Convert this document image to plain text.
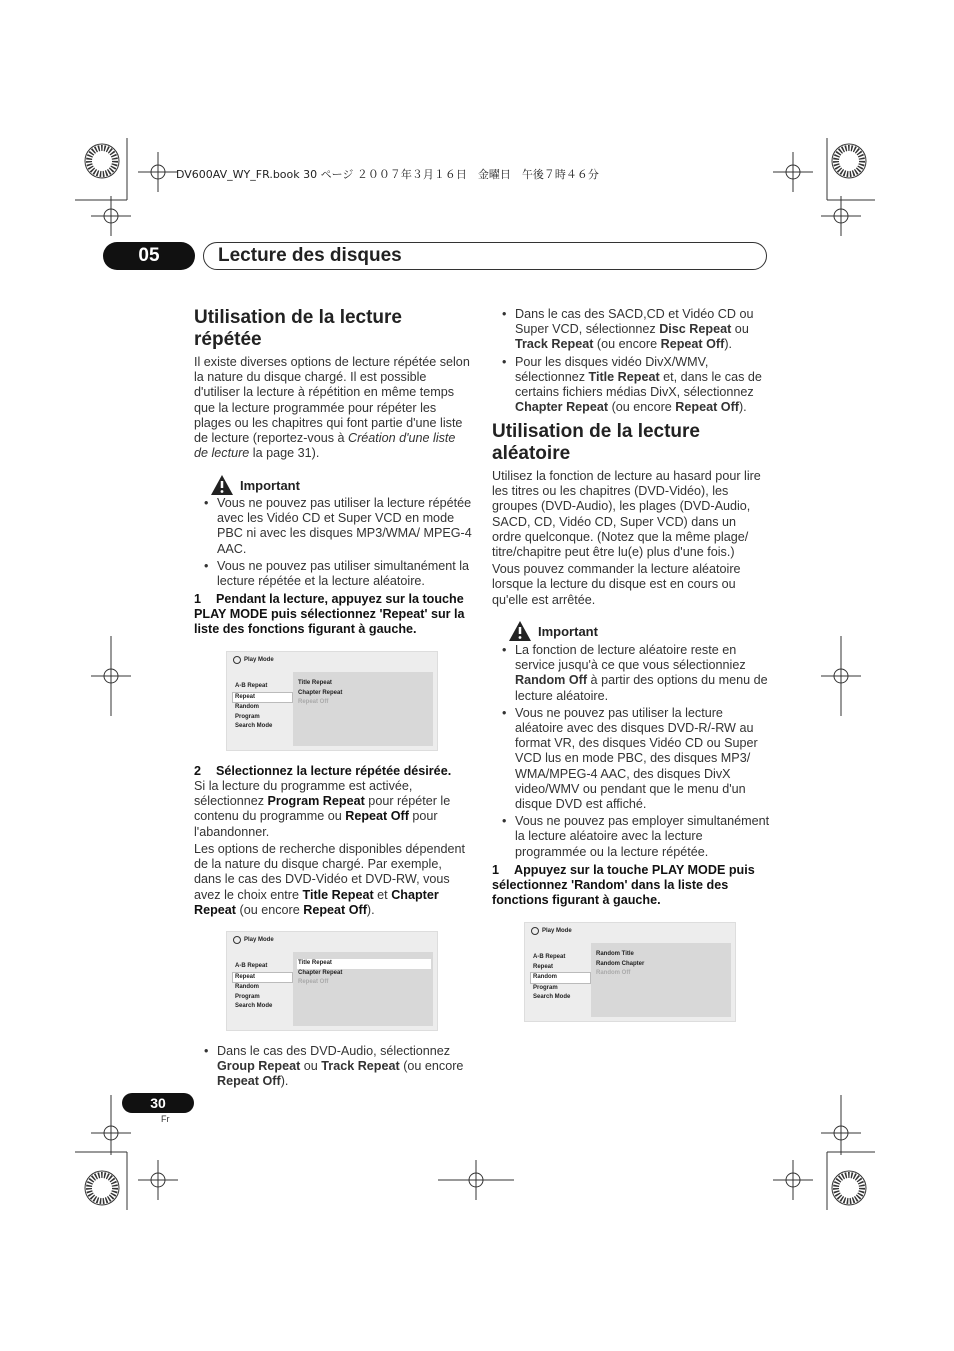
DV600AV_WY_FR.book 30 ページ ２００７年３月１６日　金曜日　午後７時４６分
05	Lecture des disques
Utilisation de la lecture répétée

Il existe diverses options de lecture répétée selon la nature du disque chargé. Il est possible d'utiliser la lecture à répétition en même temps que la lecture programmée pour répéter les plages ou les chapitres qui font partie d'une liste de lecture (reportez-vous à Création d'une liste de lecture la page 31).

Important
• Vous ne pouvez pas utiliser la lecture répétée avec les Vidéo CD et Super VCD en mode PBC ni avec les disques MP3/WMA/ MPEG-4 AAC.
• Vous ne pouvez pas utiliser simultanément la lecture répétée et la lecture aléatoire.

1 Pendant la lecture, appuyez sur la touche PLAY MODE puis sélectionnez 'Repeat' sur la liste des fonctions figurant à gauche.

Play Mode
A-B Repeat
Repeat
Random
Program
Search Mode
Title Repeat
Chapter Repeat
Repeat Off

2 Sélectionnez la lecture répétée désirée.

Si la lecture du programme est activée, sélectionnez Program Repeat pour répéter le contenu du programme ou Repeat Off pour l'abandonner.

Les options de recherche disponibles dépendent de la nature du disque chargé. Par exemple, dans le cas des DVD-Vidéo et DVD-RW, vous avez le choix entre Title Repeat et Chapter Repeat (ou encore Repeat Off).

Play Mode
A-B Repeat
Repeat
Random
Program
Search Mode
Title Repeat
Chapter Repeat
Repeat Off
• Dans le cas des DVD-Audio, sélectionnez Group Repeat ou Track Repeat (ou encore Repeat Off).
• Dans le cas des SACD,CD et Vidéo CD ou Super VCD, sélectionnez Disc Repeat ou Track Repeat (ou encore Repeat Off).
• Pour les disques vidéo DivX/WMV, sélectionnez Title Repeat et, dans le cas de certains fichiers médias DivX, sélectionnez Chapter Repeat (ou encore Repeat Off).
Utilisation de la lecture aléatoire

Utilisez la fonction de lecture au hasard pour lire les titres ou les chapitres (DVD-Vidéo), les groupes (DVD-Audio), les plages (DVD-Audio, SACD, CD, Vidéo CD, Super VCD) dans un ordre quelconque. (Notez que la même plage/ titre/chapitre peut être lu(e) plus d'une fois.)

Vous pouvez commander la lecture aléatoire lorsque la lecture du disque est en cours ou qu'elle est arrêtée.

Important
• La fonction de lecture aléatoire reste en service jusqu'à ce que vous sélectionniez Random Off à partir des options du menu de lecture aléatoire.
• Vous ne pouvez pas utiliser la lecture aléatoire avec des disques DVD-R/-RW au format VR, des disques Vidéo CD ou Super VCD lus en mode PBC, des disques MP3/ WMA/MPEG-4 AAC, des disques DivX video/WMV ou pendant que le menu d'un disque DVD est affiché.
• Vous ne pouvez pas employer simultanément la lecture aléatoire avec la lecture programmée ou la lecture répétée.

1 Appuyez sur la touche PLAY MODE puis sélectionnez 'Random' dans la liste des fonctions figurant à gauche.

Play Mode
A-B Repeat
Repeat
Random
Program
Search Mode
Random Title
Random Chapter
Random Off
30
Fr
